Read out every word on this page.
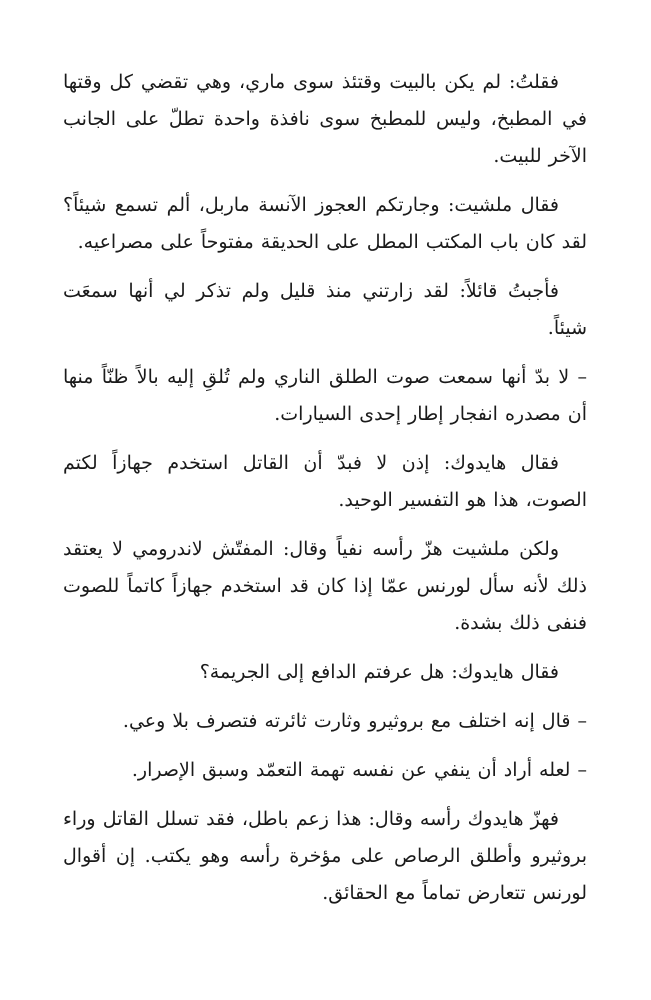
فقلتُ: لم يكن بالبيت وقتئذ سوى ماري، وهي تقضي كل وقتها في المطبخ، وليس للمطبخ سوى نافذة واحدة تطلّ على الجانب الآخر للبيت.

فقال ملشيت: وجارتكم العجوز الآنسة ماربل، ألم تسمع شيئاً؟ لقد كان باب المكتب المطل على الحديقة مفتوحاً على مصراعيه.

فأجبتُ قائلاً: لقد زارتني منذ قليل ولم تذكر لي أنها سمعَت شيئاً.

– لا بدّ أنها سمعت صوت الطلق الناري ولم تُلقِ إليه بالاً ظنّاً منها أن مصدره انفجار إطار إحدى السيارات.

فقال هايدوك: إذن لا فبدّ أن القاتل استخدم جهازاً لكتم الصوت، هذا هو التفسير الوحيد.

ولكن ملشيت هزّ رأسه نفياً وقال: المفتّش لاندرومي لا يعتقد ذلك لأنه سأل لورنس عمّا إذا كان قد استخدم جهازاً كاتماً للصوت فنفى ذلك بشدة.

فقال هايدوك: هل عرفتم الدافع إلى الجريمة؟

– قال إنه اختلف مع بروثيرو وثارت ثائرته فتصرف بلا وعي.

– لعله أراد أن ينفي عن نفسه تهمة التعمّد وسبق الإصرار.

فهزّ هايدوك رأسه وقال: هذا زعم باطل، فقد تسلل القاتل وراء بروثيرو وأطلق الرصاص على مؤخرة رأسه وهو يكتب. إن أقوال لورنس تتعارض تماماً مع الحقائق.
